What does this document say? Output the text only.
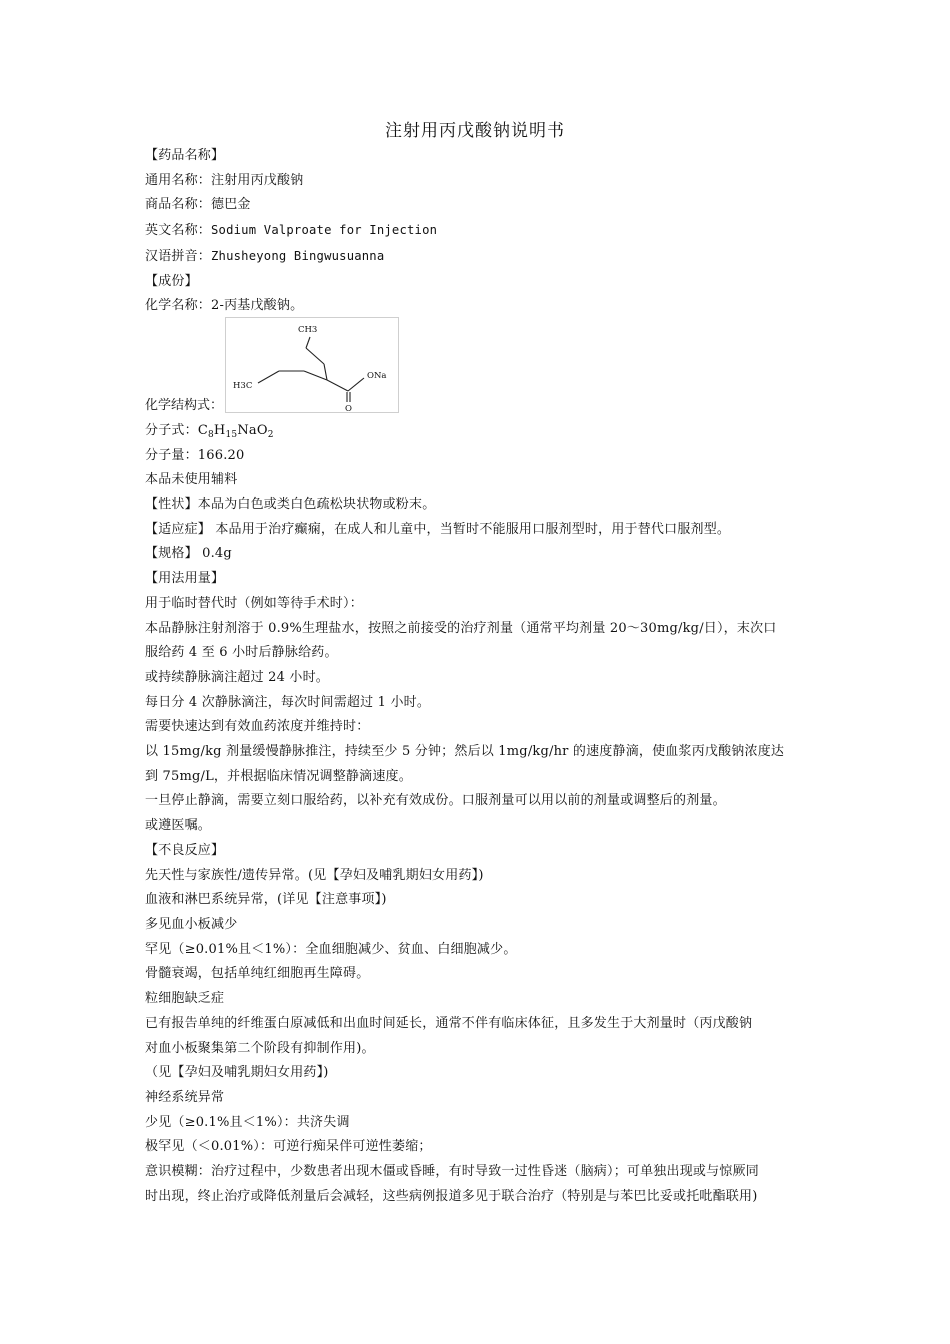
注射用丙戊酸钠说明书
【药品名称】
通用名称：注射用丙戊酸钠
商品名称：德巴金
英文名称：Sodium Valproate for Injection
汉语拼音：Zhusheyong Bingwusuanna
【成份】
化学名称：2-丙基戊酸钠。
化学结构式：
CH3
H3C
ONa
O
分子式：$C_8H_{15}NaO_2$
分子量：166.20
本品未使用辅料
【性状】本品为白色或类白色疏松块状物或粉末。
【适应症】 本品用于治疗癫痫，在成人和儿童中，当暂时不能服用口服剂型时，用于替代口服剂型。
【规格】 0.4g
【用法用量】
用于临时替代时（例如等待手术时）：
本品静脉注射剂溶于 0.9%生理盐水，按照之前接受的治疗剂量（通常平均剂量 20～30mg/kg/日），末次口
服给药 4 至 6 小时后静脉给药。
或持续静脉滴注超过 24 小时。
每日分 4 次静脉滴注，每次时间需超过 1 小时。
需要快速达到有效血药浓度并维持时：
以 15mg/kg 剂量缓慢静脉推注，持续至少 5 分钟；然后以 1mg/kg/hr 的速度静滴，使血浆丙戊酸钠浓度达
到 75mg/L，并根据临床情况调整静滴速度。
一旦停止静滴，需要立刻口服给药，以补充有效成份。口服剂量可以用以前的剂量或调整后的剂量。
或遵医嘱。
【不良反应】
先天性与家族性/遗传异常。(见【孕妇及哺乳期妇女用药】)
血液和淋巴系统异常，(详见【注意事项】)
多见血小板减少
罕见（≥0.01%且＜1%）：全血细胞减少、贫血、白细胞减少。
骨髓衰竭，包括单纯红细胞再生障碍。
粒细胞缺乏症
已有报告单纯的纤维蛋白原减低和出血时间延长，通常不伴有临床体征，且多发生于大剂量时（丙戊酸钠
对血小板聚集第二个阶段有抑制作用)。
（见【孕妇及哺乳期妇女用药】)
神经系统异常
少见（≥0.1%且＜1%）：共济失调
极罕见（＜0.01%）：可逆行痴呆伴可逆性萎缩；
意识模糊：治疗过程中，少数患者出现木僵或昏睡，有时导致一过性昏迷（脑病）；可单独出现或与惊厥同
时出现，终止治疗或降低剂量后会减轻，这些病例报道多见于联合治疗（特别是与苯巴比妥或托吡酯联用)
